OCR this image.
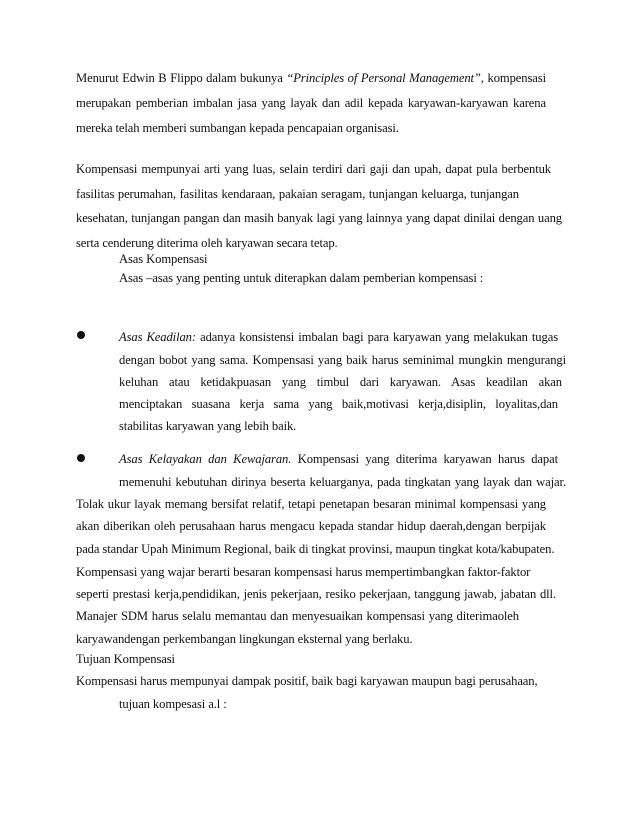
Menurut Edwin B Flippo dalam bukunya “Principles of Personal Management”, kompensasi
merupakan pemberian imbalan jasa yang layak dan adil kepada karyawan-karyawan karena
mereka telah memberi sumbangan kepada pencapaian organisasi.
Kompensasi mempunyai arti yang luas, selain terdiri dari gaji dan upah, dapat pula berbentuk
fasilitas perumahan, fasilitas kendaraan, pakaian seragam, tunjangan keluarga, tunjangan
kesehatan, tunjangan pangan dan masih banyak lagi yang lainnya yang dapat dinilai dengan uang
serta cenderung diterima oleh karyawan secara tetap.
Asas Kompensasi
Asas –asas yang penting untuk diterapkan dalam pemberian kompensasi :
Asas Keadilan: adanya konsistensi imbalan bagi para karyawan yang melakukan tugas
dengan bobot yang sama. Kompensasi yang baik harus seminimal mungkin mengurangi
keluhan atau ketidakpuasan yang timbul dari karyawan. Asas keadilan akan
menciptakan suasana kerja sama yang baik,motivasi kerja,disiplin, loyalitas,dan
stabilitas karyawan yang lebih baik.
Asas Kelayakan dan Kewajaran. Kompensasi yang diterima karyawan harus dapat
memenuhi kebutuhan dirinya beserta keluarganya, pada tingkatan yang layak dan wajar.
Tolak ukur layak memang bersifat relatif, tetapi penetapan besaran minimal kompensasi yang
akan diberikan oleh perusahaan harus mengacu kepada standar hidup daerah,dengan berpijak
pada standar Upah Minimum Regional, baik di tingkat provinsi, maupun tingkat kota/kabupaten.
Kompensasi yang wajar berarti besaran kompensasi harus mempertimbangkan faktor-faktor
seperti prestasi kerja,pendidikan, jenis pekerjaan, resiko pekerjaan, tanggung jawab, jabatan dll.
Manajer SDM harus selalu memantau dan menyesuaikan kompensasi yang diterimaoleh
karyawandengan perkembangan lingkungan eksternal yang berlaku.
Tujuan Kompensasi
Kompensasi harus mempunyai dampak positif, baik bagi karyawan maupun bagi perusahaan,
tujuan kompesasi a.l :
